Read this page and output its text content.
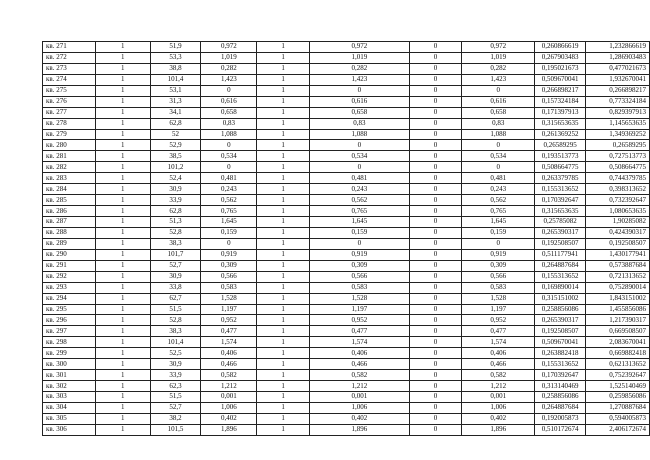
кв. 271	1	51,9	0,972	1	0,972	0	0,972	0,260866619	1,232866619
кв. 272	1	53,3	1,019	1	1,019	0	1,019	0,267903483	1,286903483
кв. 273	1	38,8	0,282	1	0,282	0	0,282	0,195021673	0,477021673
кв. 274	1	101,4	1,423	1	1,423	0	1,423	0,509670041	1,932670041
кв. 275	1	53,1	0	1	0	0	0	0,266898217	0,266898217
кв. 276	1	31,3	0,616	1	0,616	0	0,616	0,157324184	0,773324184
кв. 277	1	34,1	0,658	1	0,658	0	0,658	0,171397913	0,829397913
кв. 278	1	62,8	0,83	1	0,83	0	0,83	0,315653635	1,145653635
кв. 279	1	52	1,088	1	1,088	0	1,088	0,261369252	1,349369252
кв. 280	1	52,9	0	1	0	0	0	0,26589295	0,26589295
кв. 281	1	38,5	0,534	1	0,534	0	0,534	0,193513773	0,727513773
кв. 282	1	101,2	0	1	0	0	0	0,508664775	0,508664775
кв. 283	1	52,4	0,481	1	0,481	0	0,481	0,263379785	0,744379785
кв. 284	1	30,9	0,243	1	0,243	0	0,243	0,155313652	0,398313652
кв. 285	1	33,9	0,562	1	0,562	0	0,562	0,170392647	0,732392647
кв. 286	1	62,8	0,765	1	0,765	0	0,765	0,315653635	1,080653635
кв. 287	1	51,3	1,645	1	1,645	0	1,645	0,25785082	1,90285082
кв. 288	1	52,8	0,159	1	0,159	0	0,159	0,265390317	0,424390317
кв. 289	1	38,3	0	1	0	0	0	0,192508507	0,192508507
кв. 290	1	101,7	0,919	1	0,919	0	0,919	0,511177941	1,430177941
кв. 291	1	52,7	0,309	1	0,309	0	0,309	0,264887684	0,573887684
кв. 292	1	30,9	0,566	1	0,566	0	0,566	0,155313652	0,721313652
кв. 293	1	33,8	0,583	1	0,583	0	0,583	0,169890014	0,752890014
кв. 294	1	62,7	1,528	1	1,528	0	1,528	0,315151002	1,843151002
кв. 295	1	51,5	1,197	1	1,197	0	1,197	0,258856086	1,455856086
кв. 296	1	52,8	0,952	1	0,952	0	0,952	0,265390317	1,217390317
кв. 297	1	38,3	0,477	1	0,477	0	0,477	0,192508507	0,669508507
кв. 298	1	101,4	1,574	1	1,574	0	1,574	0,509670041	2,083670041
кв. 299	1	52,5	0,406	1	0,406	0	0,406	0,263882418	0,669882418
кв. 300	1	30,9	0,466	1	0,466	0	0,466	0,155313652	0,621313652
кв. 301	1	33,9	0,582	1	0,582	0	0,582	0,170392647	0,752392647
кв. 302	1	62,3	1,212	1	1,212	0	1,212	0,313140469	1,525140469
кв. 303	1	51,5	0,001	1	0,001	0	0,001	0,258856086	0,259856086
кв. 304	1	52,7	1,006	1	1,006	0	1,006	0,264887684	1,270887684
кв. 305	1	38,2	0,402	1	0,402	0	0,402	0,192005873	0,594005873
кв. 306	1	101,5	1,896	1	1,896	0	1,896	0,510172674	2,406172674
